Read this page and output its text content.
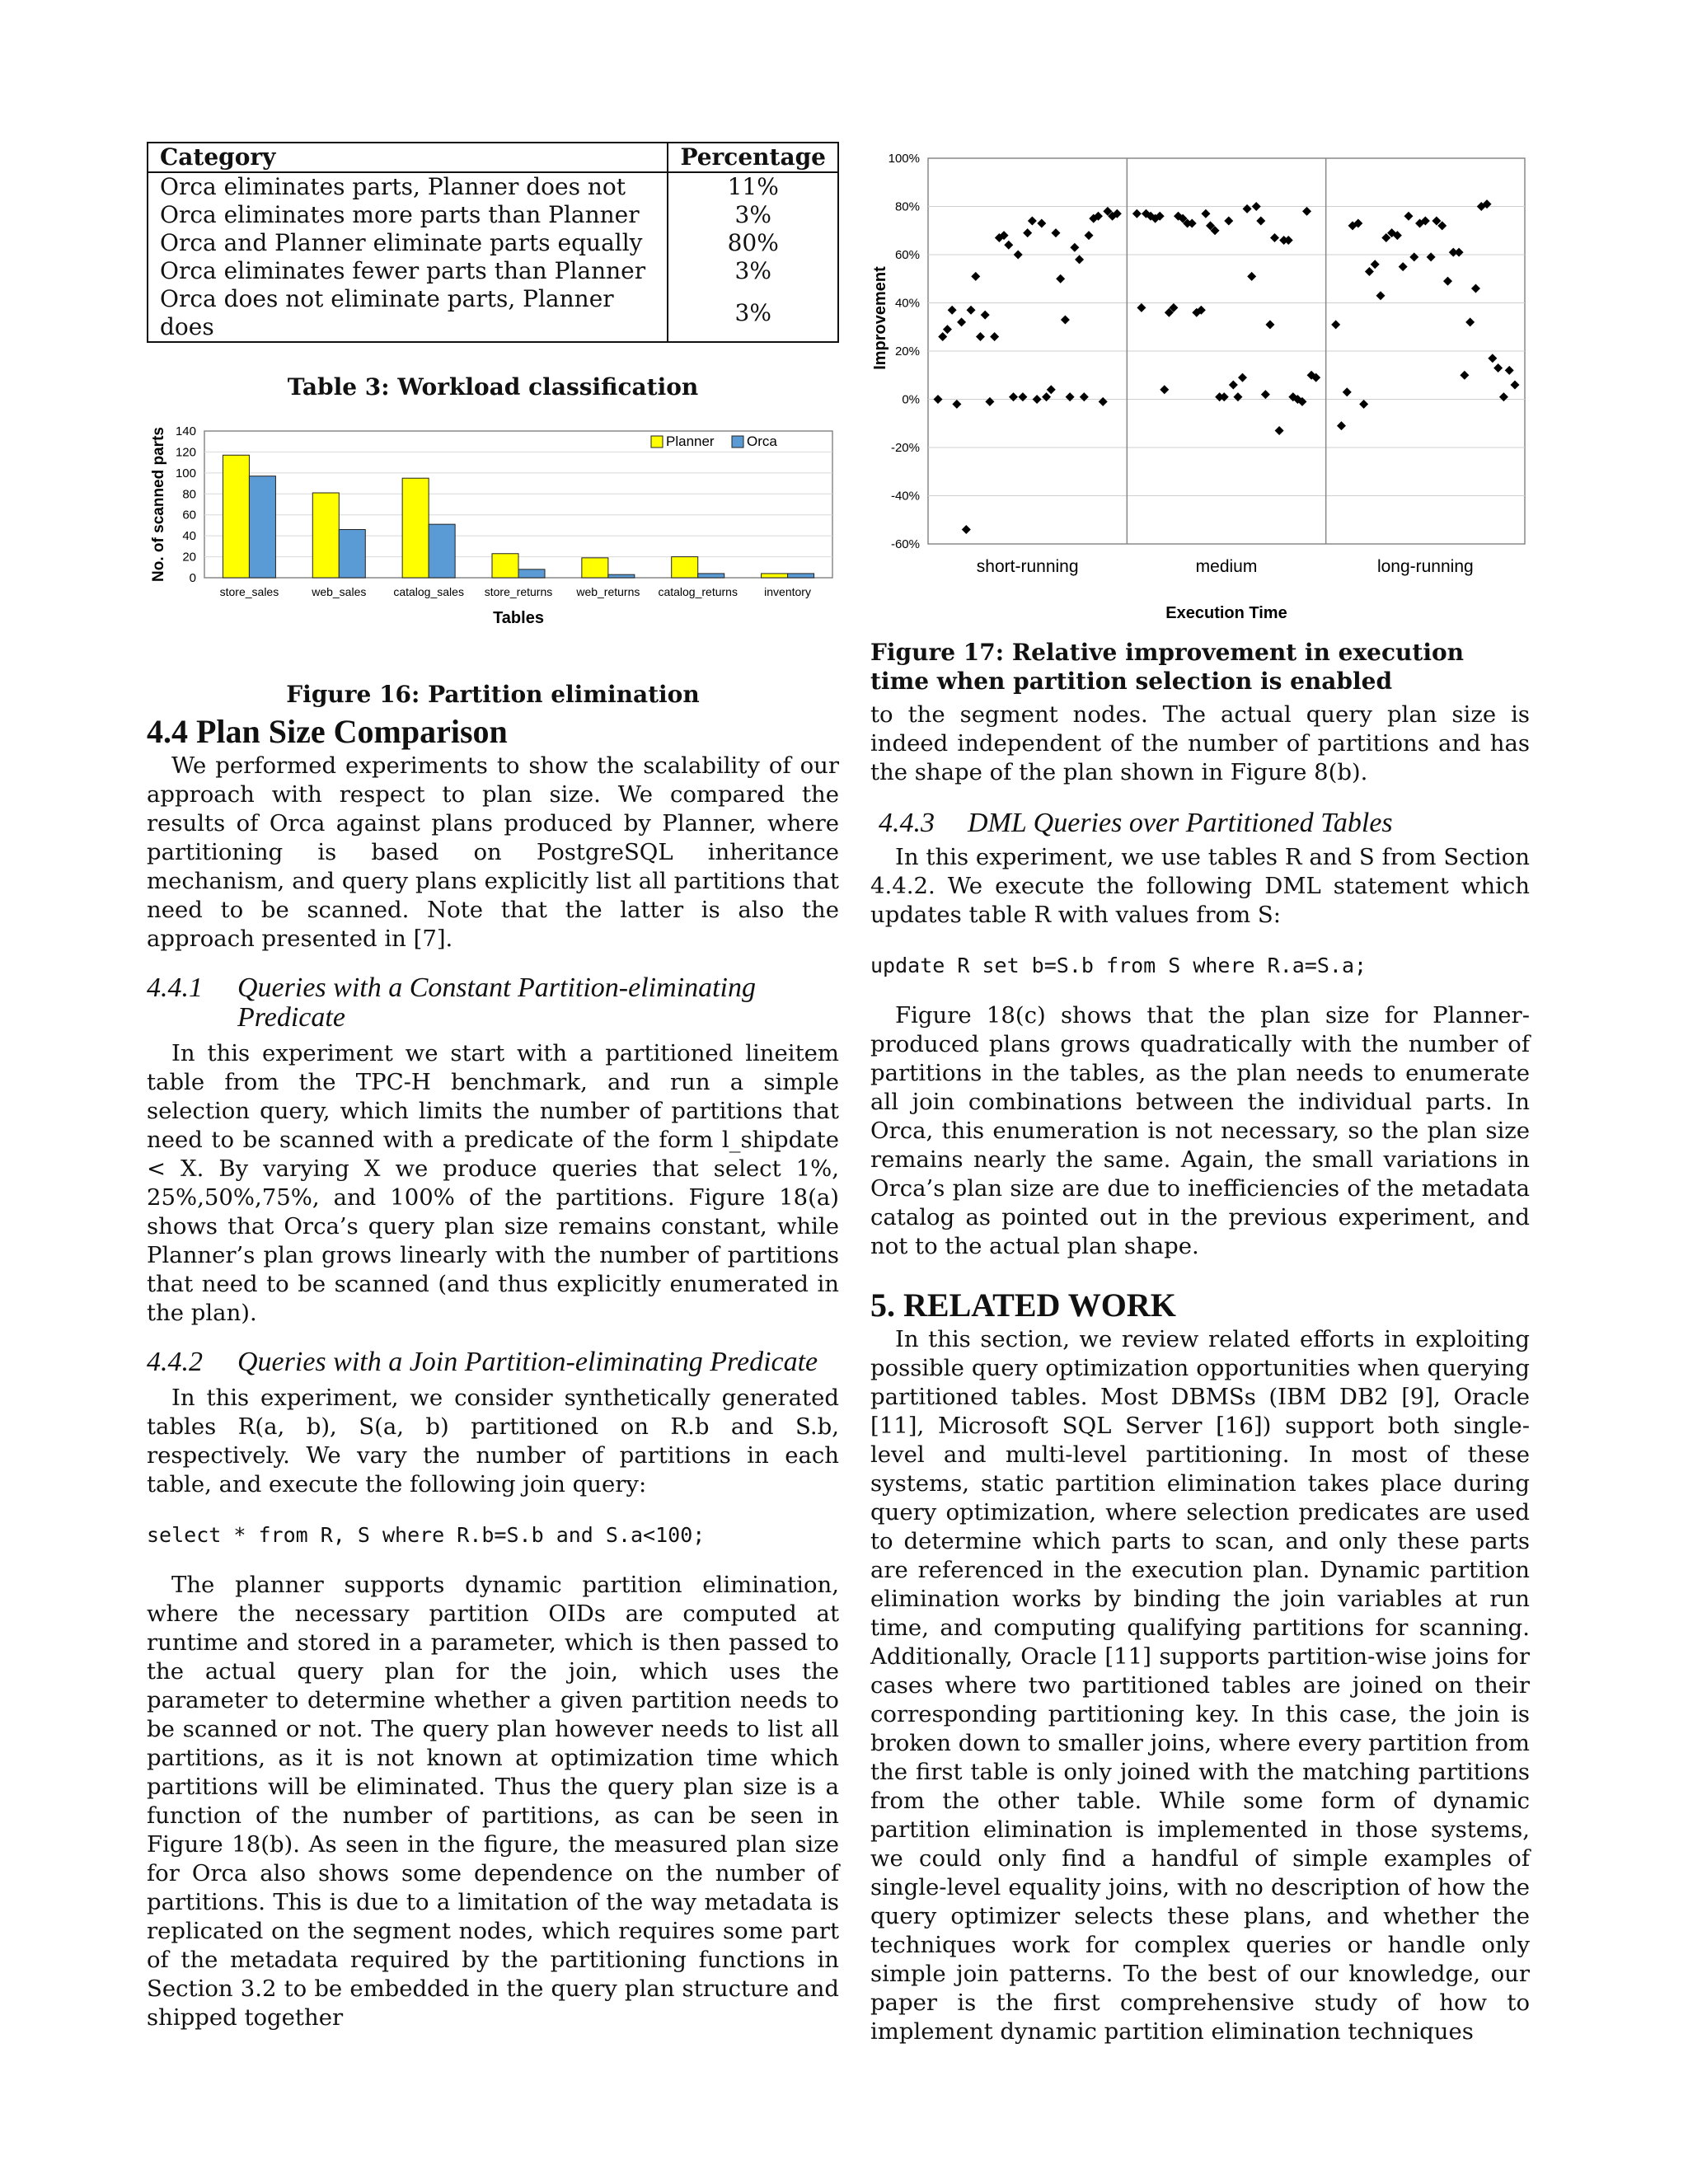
Category	Percentage
Orca eliminates parts, Planner does not	11%
Orca eliminates more parts than Planner	3%
Orca and Planner eliminate parts equally	80%
Orca eliminates fewer parts than Planner	3%
Orca does not eliminate parts, Planner does	3%

Table 3: Workload classification

0
20
40
60
80
100
120
140
store_sales	web_sales catalog_sales store_returns web_returns catalog_returns inventory
Tables
No. of scanned parts	Planner Orca

Figure 16: Partition elimination

4.4 Plan Size Comparison

We performed experiments to show the scalability of our approach with respect to plan size. We compared the results of Orca against plans produced by Planner, where partitioning is based on PostgreSQL inheritance mechanism, and query plans explicitly list all partitions that need to be scanned. Note that the latter is also the approach presented in [7].

4.4.1 Queries with a Constant Partition-eliminating Predicate

In this experiment we start with a partitioned lineitem table from the TPC-H benchmark, and run a simple selection query, which limits the number of partitions that need to be scanned with a predicate of the form l_shipdate < X. By varying X we produce queries that select 1%, 25%,50%,75%, and 100% of the partitions. Figure 18(a) shows that Orca’s query plan size remains constant, while Planner’s plan grows linearly with the number of partitions that need to be scanned (and thus explicitly enumerated in the plan).

4.4.2 Queries with a Join Partition-eliminating Predicate

In this experiment, we consider synthetically generated tables R(a, b), S(a, b) partitioned on R.b and S.b, respectively. We vary the number of partitions in each table, and execute the following join query:

select * from R, S where R.b=S.b and S.a<100;

The planner supports dynamic partition elimination, where the necessary partition OIDs are computed at runtime and stored in a parameter, which is then passed to the actual query plan for the join, which uses the parameter to determine whether a given partition needs to be scanned or not. The query plan however needs to list all partitions, as it is not known at optimization time which partitions will be eliminated. Thus the query plan size is a function of the number of partitions, as can be seen in Figure 18(b). As seen in the figure, the measured plan size for Orca also shows some dependence on the number of partitions. This is due to a limitation of the way metadata is replicated on the segment nodes, which requires some part of the metadata required by the partitioning functions in Section 3.2 to be embedded in the query plan structure and shipped together

-60%
-40%
-20%
0%
20%
40%
60%
80%
100%
short-running	medium	long-running
Execution Time
Improvement

Figure 17: Relative improvement in execution time when partition selection is enabled

to the segment nodes. The actual query plan size is indeed independent of the number of partitions and has the shape of the plan shown in Figure 8(b).

4.4.3 DML Queries over Partitioned Tables

In this experiment, we use tables R and S from Section 4.4.2. We execute the following DML statement which updates table R with values from S:

update R set b=S.b from S where R.a=S.a;

Figure 18(c) shows that the plan size for Planner-produced plans grows quadratically with the number of partitions in the tables, as the plan needs to enumerate all join combinations between the individual parts. In Orca, this enumeration is not necessary, so the plan size remains nearly the same. Again, the small variations in Orca’s plan size are due to inefficiencies of the metadata catalog as pointed out in the previous experiment, and not to the actual plan shape.

5. RELATED WORK

In this section, we review related efforts in exploiting possible query optimization opportunities when querying partitioned tables. Most DBMSs (IBM DB2 [9], Oracle [11], Microsoft SQL Server [16]) support both single-level and multi-level partitioning. In most of these systems, static partition elimination takes place during query optimization, where selection predicates are used to determine which parts to scan, and only these parts are referenced in the execution plan. Dynamic partition elimination works by binding the join variables at run time, and computing qualifying partitions for scanning. Additionally, Oracle [11] supports partition-wise joins for cases where two partitioned tables are joined on their corresponding partitioning key. In this case, the join is broken down to smaller joins, where every partition from the first table is only joined with the matching partitions from the other table. While some form of dynamic partition elimination is implemented in those systems, we could only find a handful of simple examples of single-level equality joins, with no description of how the query optimizer selects these plans, and whether the techniques work for complex queries or handle only simple join patterns. To the best of our knowledge, our paper is the first comprehensive study of how to implement dynamic partition elimination techniques
